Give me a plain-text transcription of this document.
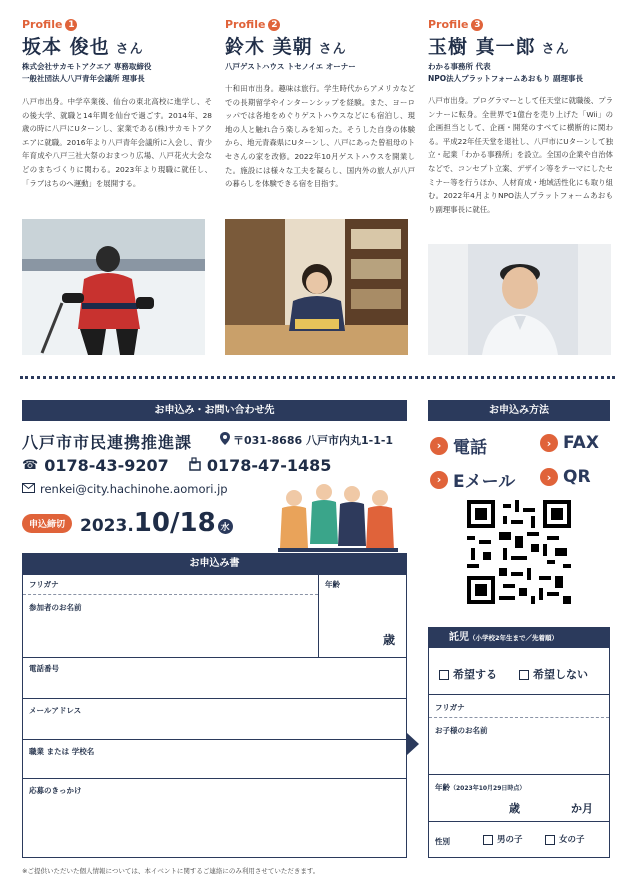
Profile 1
坂本 俊也 さん
株式会社サカモトアクエア 専務取締役
一般社団法人八戸青年会議所 理事長
八戸市出身。中学卒業後、仙台の東北高校に進学し、その後大学、就職と14年間を仙台で過ごす。2014年、28歳の時に八戸にUターンし、家業である(株)サカモトアクエアに就職。2016年より八戸青年会議所に入会し、青少年育成や八戸三社大祭のおまつり広場、八戸花火大会などのまちづくりに関わる。2023年より現職に就任し、「ラブはちのへ運動」を展開する。
Profile 2
鈴木 美朝 さん
八戸ゲストハウス トセノイエ オーナー
十和田市出身。趣味は旅行。学生時代からアメリカなどでの長期留学やインターンシップを経験。また、ヨーロッパでは各地をめぐりゲストハウスなどにも宿泊し、現地の人と触れ合う楽しみを知った。そうした自身の体験から、地元青森県にUターンし、八戸にあった曾祖母のトセさんの家を改修。2022年10月ゲストハウスを開業した。施設には様々な工夫を凝らし、国内外の旅人が八戸の暮らしを体験できる宿を目指す。
Profile 3
玉樹 真一郎 さん
わかる事務所 代表
NPO法人プラットフォームあおもり 副理事長
八戸市出身。プログラマーとして任天堂に就職後、プランナーに転身。全世界で1億台を売り上げた「Wii」の企画担当として、企画・開発のすべてに横断的に関わる。平成22年任天堂を退社し、八戸市にUターンして独立・起業「わかる事務所」を設立。全国の企業や自治体などで、コンセプト立案、デザイン等をテーマにしたセミナー等を行うほか、人材育成・地域活性化にも取り組む。2022年4月よりNPO法人プラットフォームあおもり副理事長に就任。
お申込み・お問い合わせ先
八戸市市民連携推進課	〒031-8686 八戸市内丸1-1-1
☎ 0178-43-9207 0178-47-1485
renkei@city.hachinohe.aomori.jp
申込締切 2023.10/18 水
お申込み方法
› 電話	› FAX
› Eメール	› QR
お申込み書
フリガナ
参加者のお名前
年齢
歳
電話番号
メールアドレス
職業 または 学校名
応募のきっかけ
託児（小学校2年生まで／先着順）
希望する	希望しない
フリガナ
お子様のお名前
年齢（2023年10月29日時点）
歳	か月
性別	男の子	女の子
※ご提供いただいた個人情報については、本イベントに関するご連絡にのみ利用させていただきます。
